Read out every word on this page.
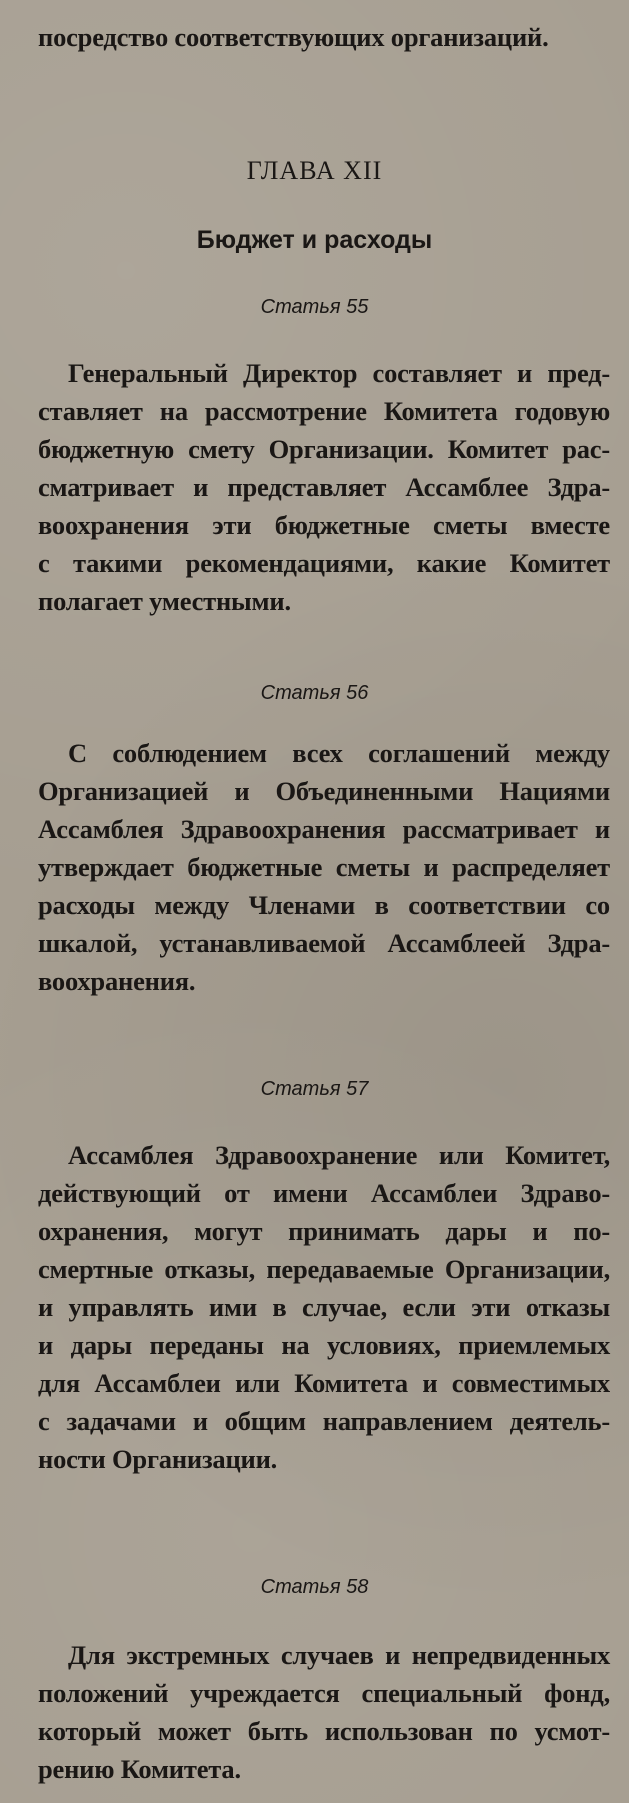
посредство соответствующих организаций.
ГЛАВА XII
Бюджет и расходы
Статья 55
Генеральный Директор составляет и пред-
ставляет на рассмотрение Комитета годовую
бюджетную смету Организации. Комитет рас-
сматривает и представляет Ассамблее Здра-
воохранения эти бюджетные сметы вместе
с такими рекомендациями, какие Комитет
полагает уместными.
Статья 56
С соблюдением всех соглашений между
Организацией и Объединенными Нациями
Ассамблея Здравоохранения рассматривает и
утверждает бюджетные сметы и распределяет
расходы между Членами в соответствии со
шкалой, устанавливаемой Ассамблеей Здра-
воохранения.
Статья 57
Ассамблея Здравоохранение или Комитет,
действующий от имени Ассамблеи Здраво-
охранения, могут принимать дары и по-
смертные отказы, передаваемые Организации,
и управлять ими в случае, если эти отказы
и дары переданы на условиях, приемлемых
для Ассамблеи или Комитета и совместимых
с задачами и общим направлением деятель-
ности Организации.
Статья 58
Для экстремных случаев и непредвиденных
положений учреждается специальный фонд,
который может быть использован по усмот-
рению Комитета.
